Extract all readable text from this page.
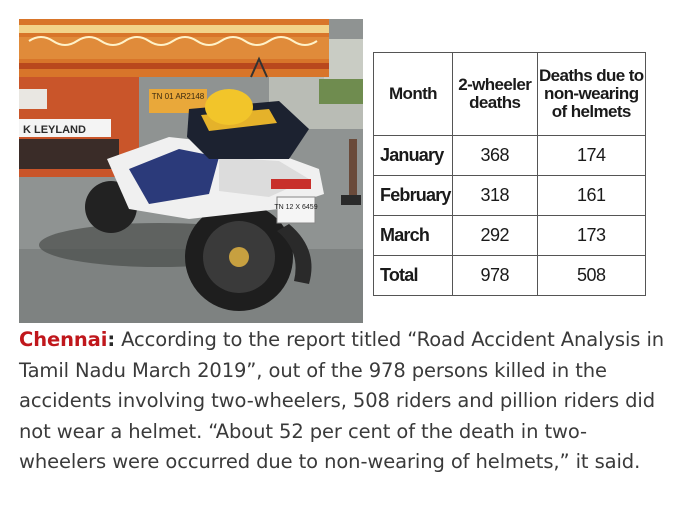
K LEYLAND
TN 01 AR2148
TN 12 X 6459
Month	2-wheeler deaths	Deaths due to non-wearing of helmets
January	368	174
February	318	161
March	292	173
Total	978	508

Chennai: According to the report titled “Road Accident Analysis in Tamil Nadu March 2019”, out of the 978 persons killed in the accidents involving two-wheelers, 508 riders and pillion riders did not wear a helmet. “About 52 per cent of the death in two-wheelers were occurred due to non-wearing of helmets,” it said.
